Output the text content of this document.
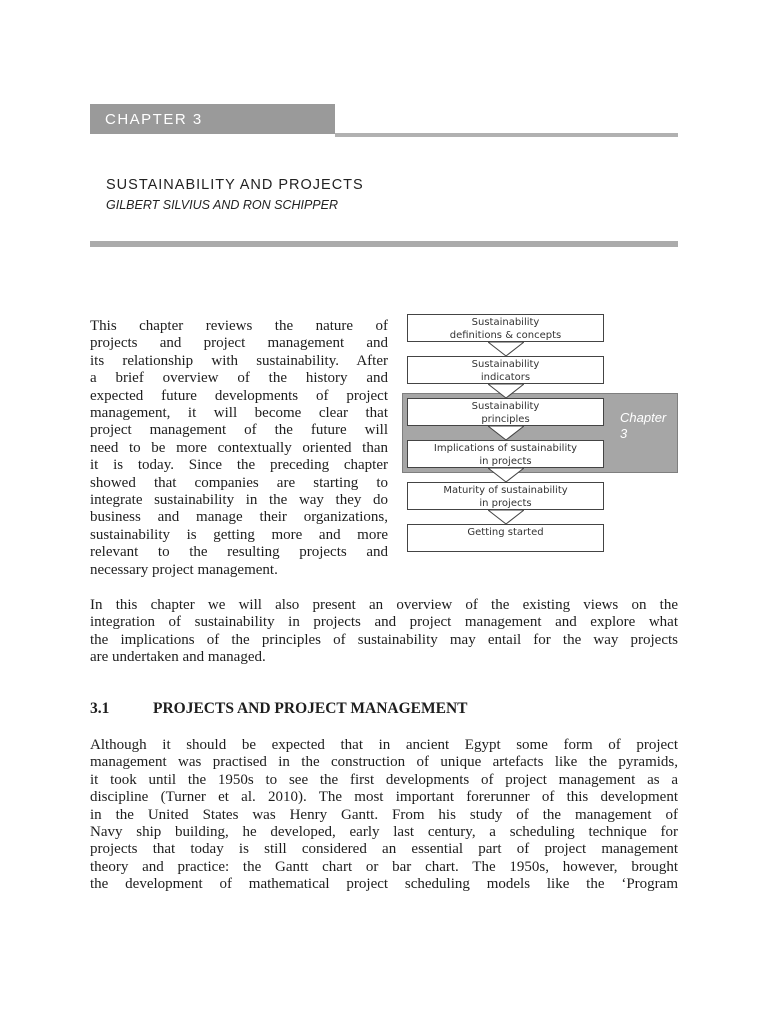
CHAPTER 3
SUSTAINABILITY AND PROJECTS
GILBERT SILVIUS AND RON SCHIPPER

This chapter reviews the nature of
projects and project management and
its relationship with sustainability. After
a brief overview of the history and
expected future developments of project
management, it will become clear that
project management of the future will
need to be more contextually oriented than
it is today. Since the preceding chapter
showed that companies are starting to
integrate sustainability in the way they do
business and manage their organizations,
sustainability is getting more and more
relevant to the resulting projects and
necessary project management.

Chapter
3
Sustainability
definitions & concepts
Sustainability
indicators
Sustainability
principles
Implications of sustainability
in projects
Maturity of sustainability
in projects
Getting started

In this chapter we will also present an overview of the existing views on the
integration of sustainability in projects and project management and explore what
the implications of the principles of sustainability may entail for the way projects
are undertaken and managed.

3.1	PROJECTS AND PROJECT MANAGEMENT

Although it should be expected that in ancient Egypt some form of project
management was practised in the construction of unique artefacts like the pyramids,
it took until the 1950s to see the first developments of project management as a
discipline (Turner et al. 2010). The most important forerunner of this development
in the United States was Henry Gantt. From his study of the management of
Navy ship building, he developed, early last century, a scheduling technique for
projects that today is still considered an essential part of project management
theory and practice: the Gantt chart or bar chart. The 1950s, however, brought
the development of mathematical project scheduling models like the ‘Program
